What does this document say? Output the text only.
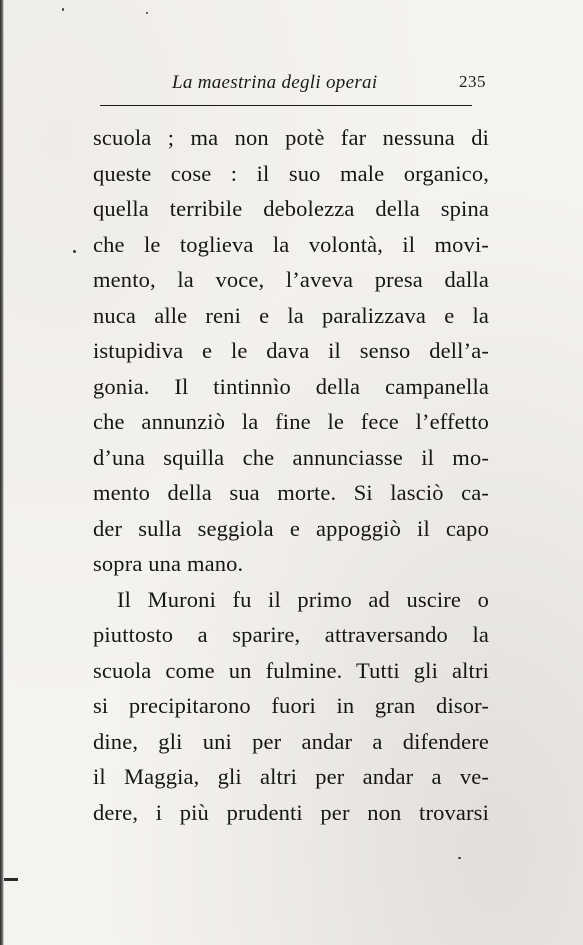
La maestrina degli operai	235
scuola ; ma non potè far nessuna di
queste cose : il suo male organico,
quella terribile debolezza della spina
che le toglieva la volontà, il movi-
mento, la voce, l’aveva presa dalla
nuca alle reni e la paralizzava e la
istupidiva e le dava il senso dell’a-
gonia. Il tintinnìo della campanella
che annunziò la fine le fece l’effetto
d’una squilla che annunciasse il mo-
mento della sua morte. Si lasciò ca-
der sulla seggiola e appoggiò il capo
sopra una mano.
Il Muroni fu il primo ad uscire o
piuttosto a sparire, attraversando la
scuola come un fulmine. Tutti gli altri
si precipitarono fuori in gran disor-
dine, gli uni per andar a difendere
il Maggia, gli altri per andar a ve-
dere, i più prudenti per non trovarsi
